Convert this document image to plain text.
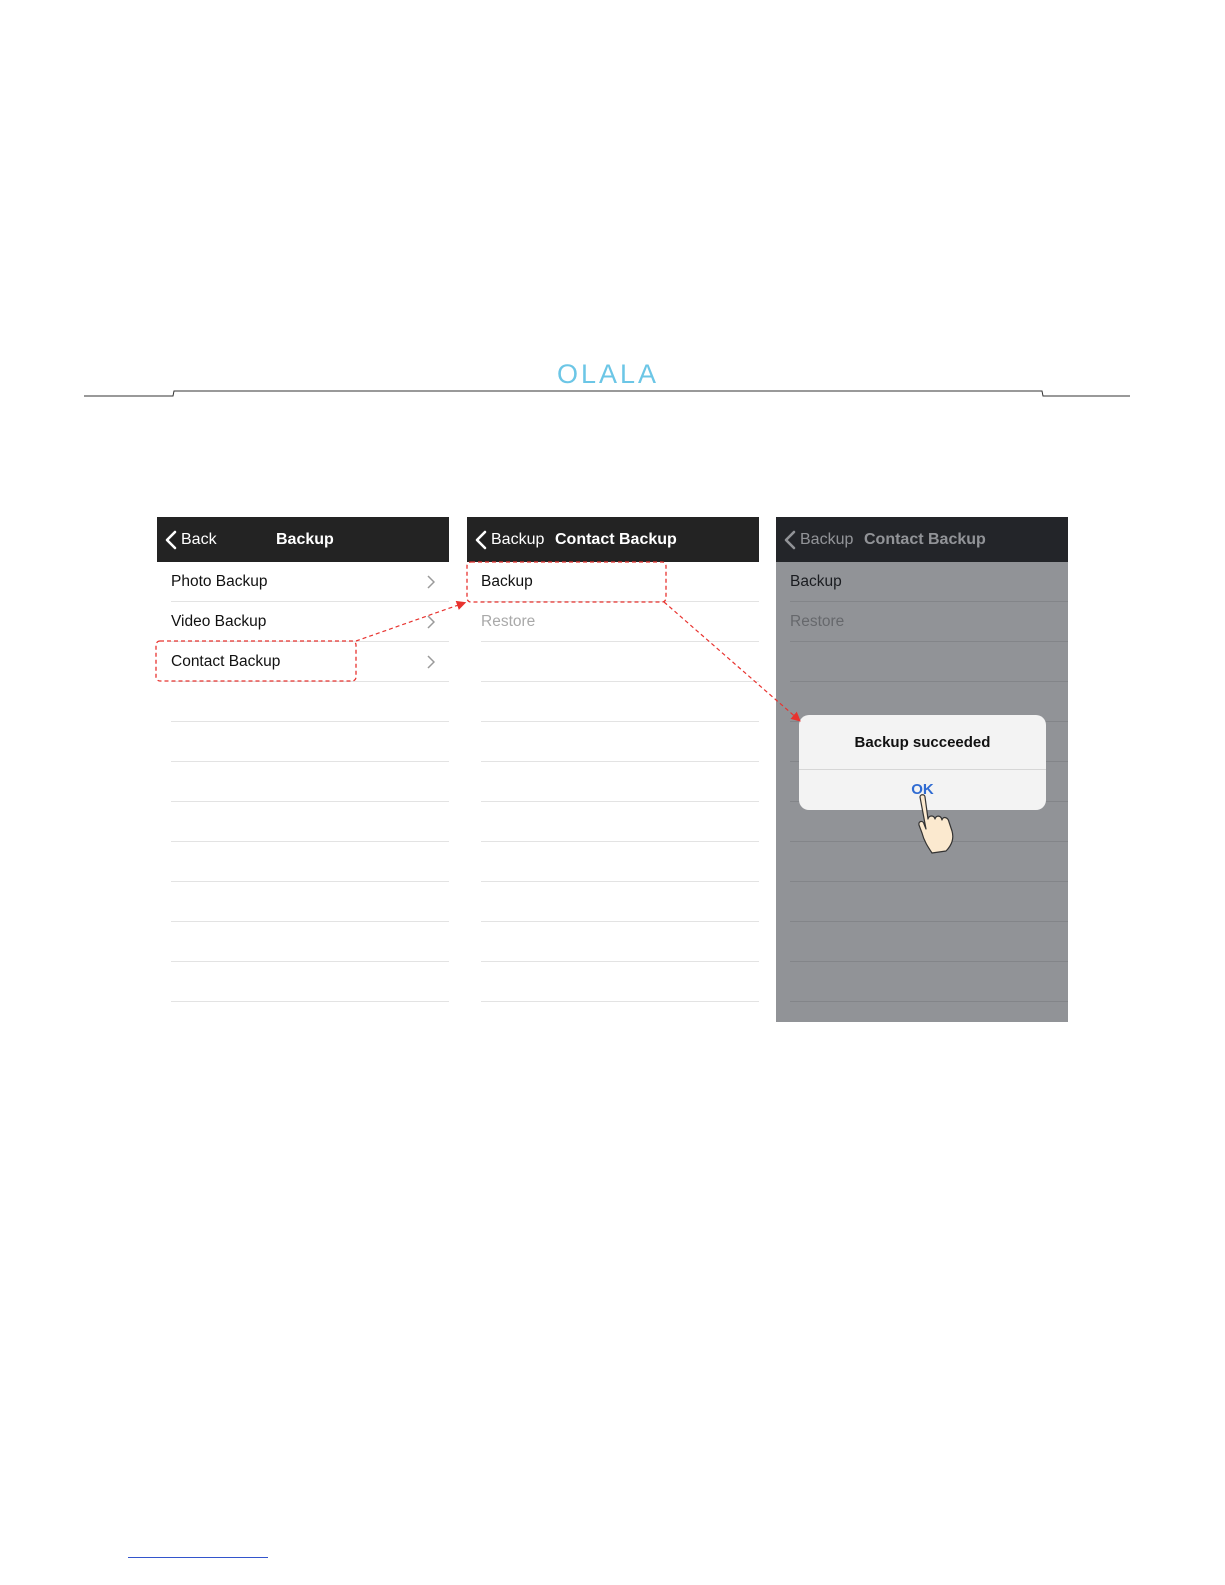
OLALA
Back	Backup
Photo Backup
Video Backup
Contact Backup
Backup Contact Backup
Backup
Restore
Backup succeeded
OK
